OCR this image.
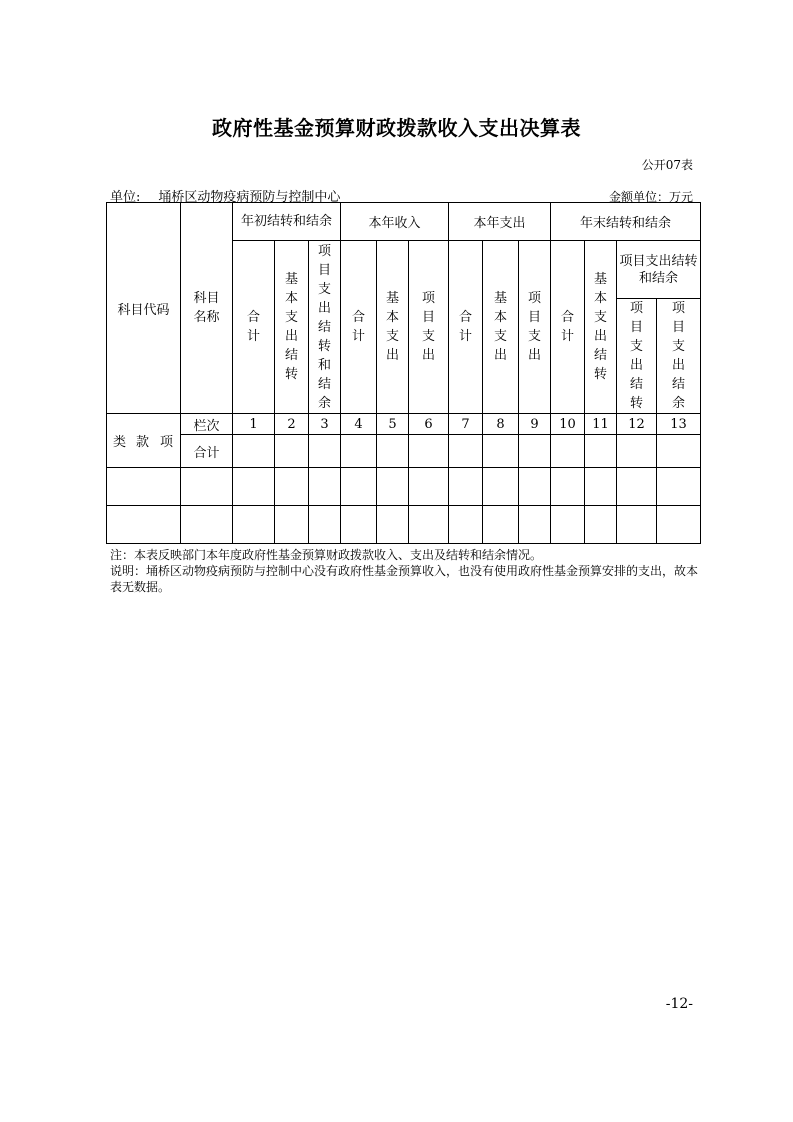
政府性基金预算财政拨款收入支出决算表
公开07表
单位: 埇桥区动物疫病预防与控制中心	金额单位：万元
科目代码	科目名称	年初结转和结余			本年收入			本年支出			年末结转和结余			
		合计	基本支出结转	项目支出结转和结余	合计	基本支出	项目支出	合计	基本支出	项目支出	合计	基本支出结转	项目支出结转和结余	
													项目支出结转	项目支出结余
类 款 项	栏次	1	2	3	4	5	6	7	8	9	10	11	12	13
	合计													

注：本表反映部门本年度政府性基金预算财政拨款收入、支出及结转和结余情况。
说明：埇桥区动物疫病预防与控制中心没有政府性基金预算收入，也没有使用政府性基金预算安排的支出，故本表无数据。
-12-
